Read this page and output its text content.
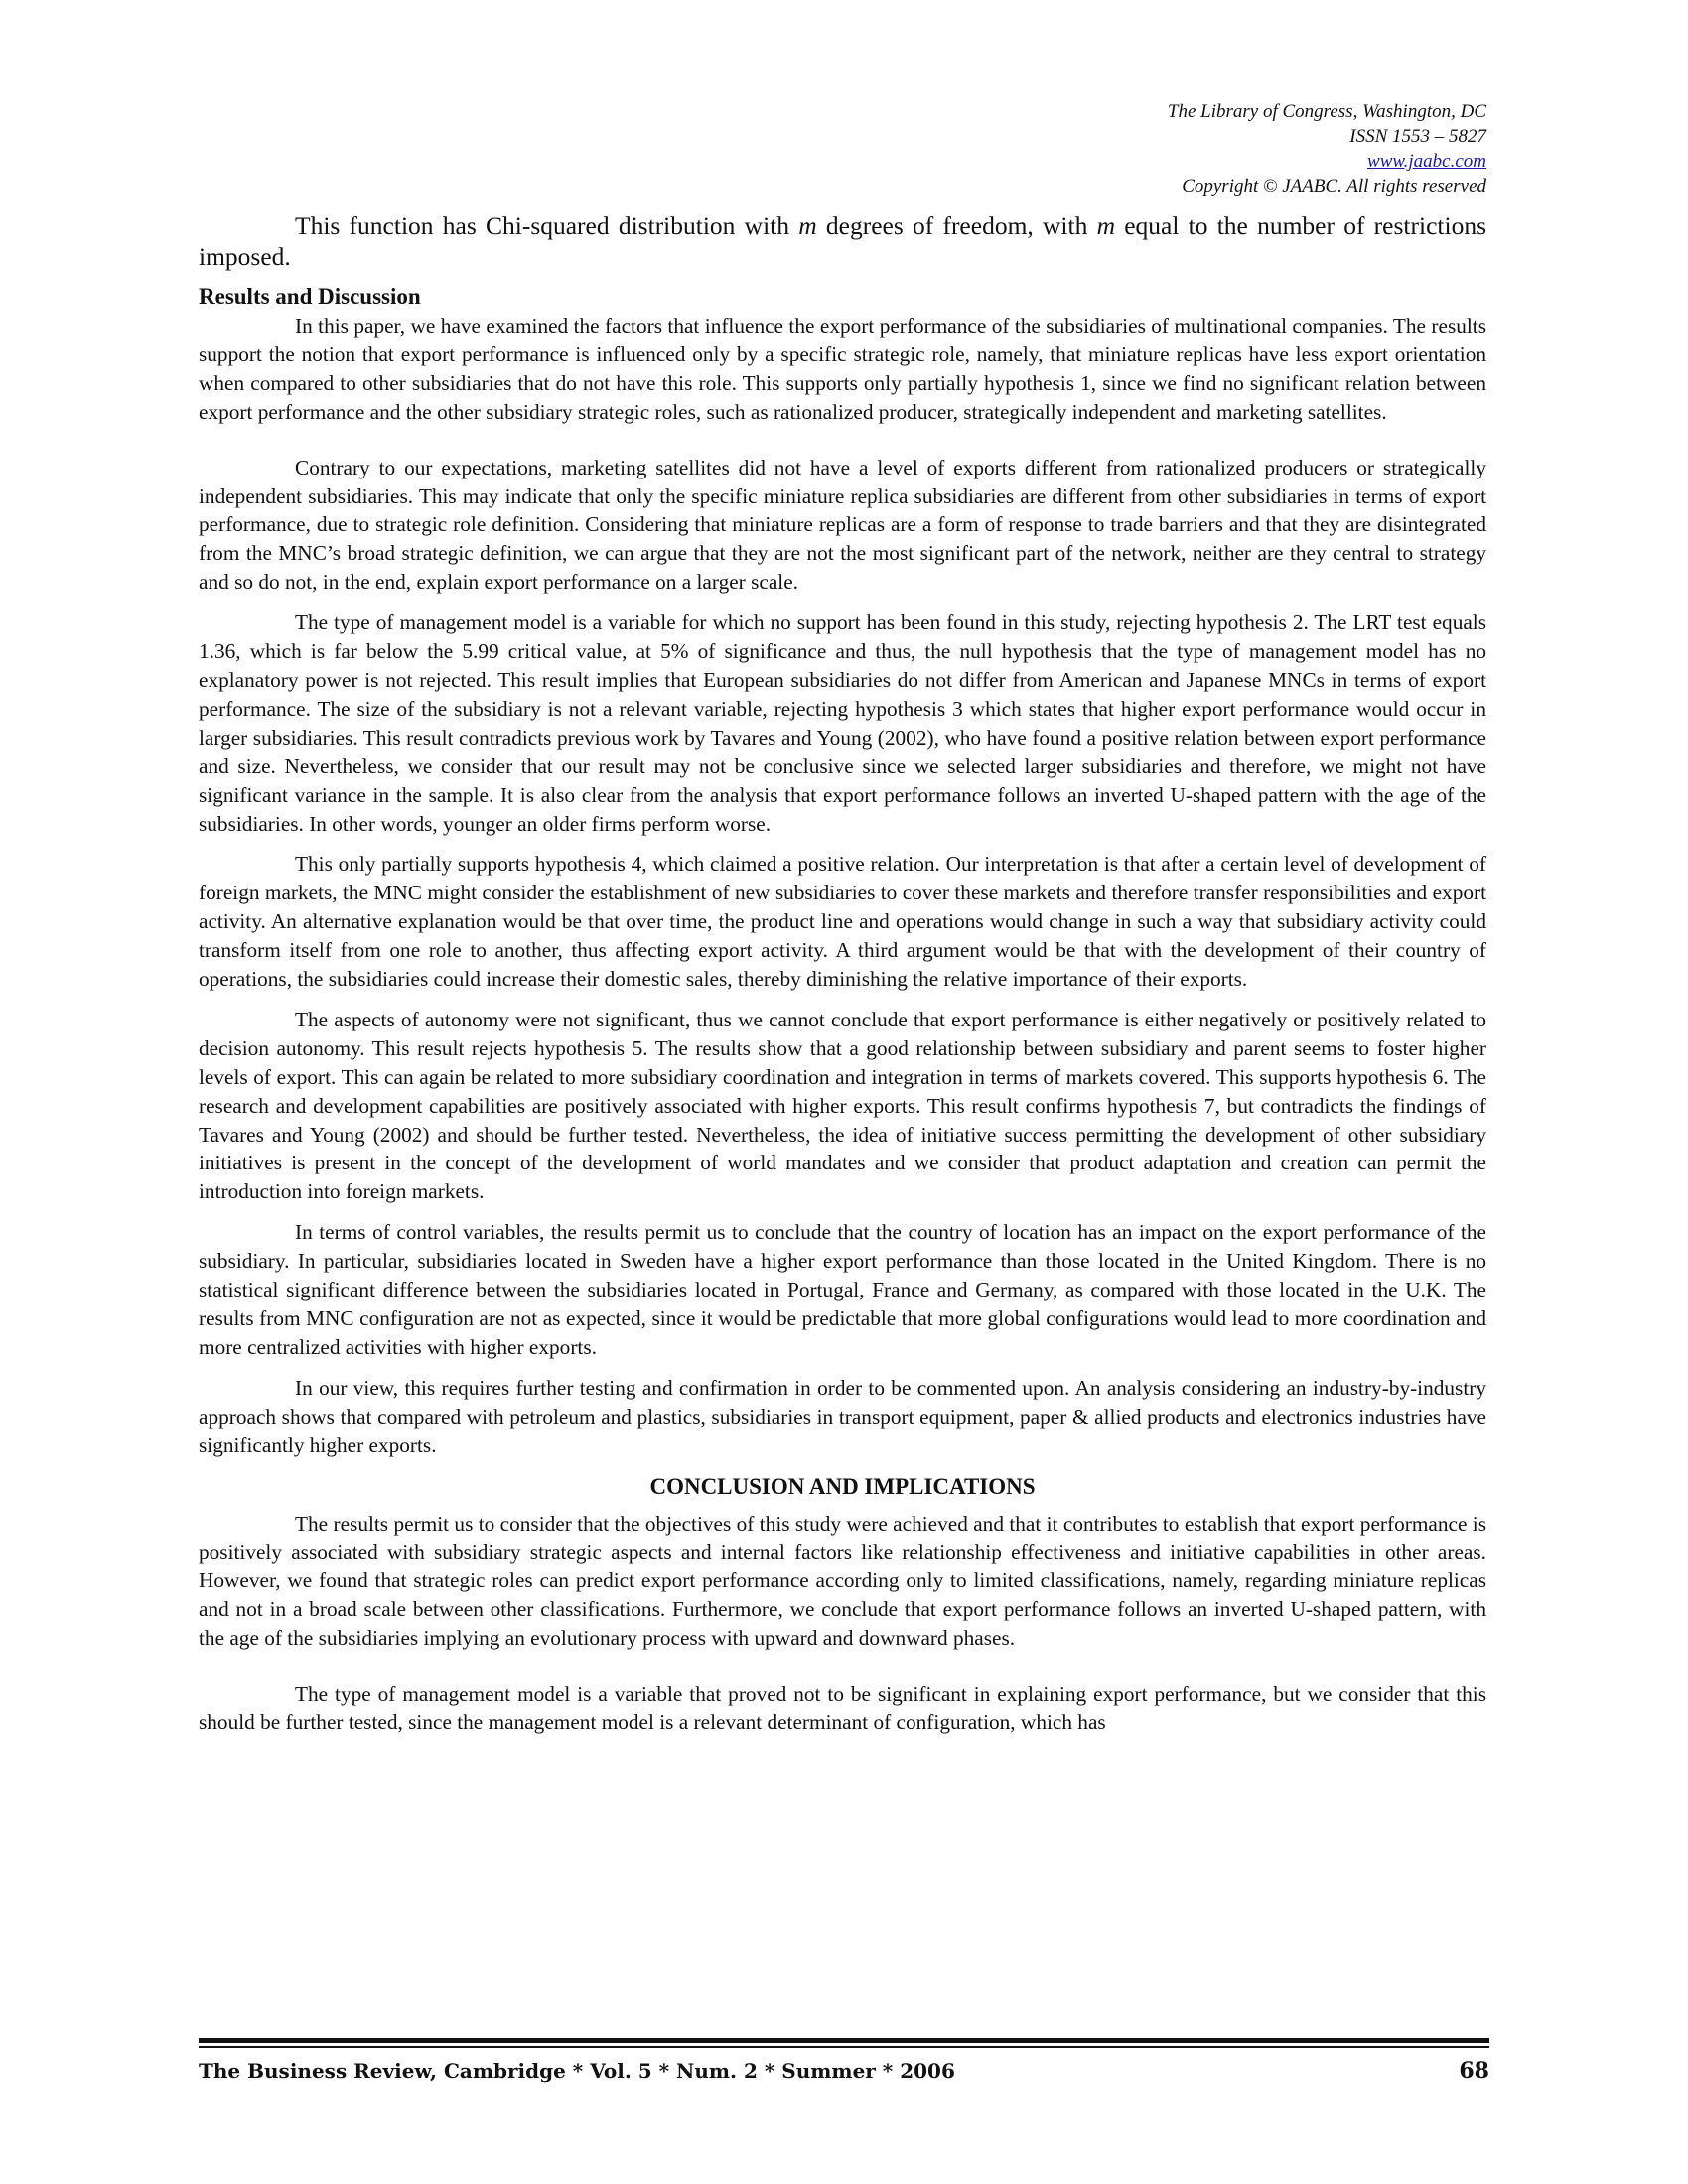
The Library of Congress, Washington, DC
ISSN 1553 – 5827
www.jaabc.com
Copyright © JAABC. All rights reserved

This function has Chi-squared distribution with m degrees of freedom, with m equal to the number of restrictions imposed.

Results and Discussion

In this paper, we have examined the factors that influence the export performance of the subsidiaries of multinational companies. The results support the notion that export performance is influenced only by a specific strategic role, namely, that miniature replicas have less export orientation when compared to other subsidiaries that do not have this role. This supports only partially hypothesis 1, since we find no significant relation between export performance and the other subsidiary strategic roles, such as rationalized producer, strategically independent and marketing satellites.

Contrary to our expectations, marketing satellites did not have a level of exports different from rationalized producers or strategically independent subsidiaries. This may indicate that only the specific miniature replica subsidiaries are different from other subsidiaries in terms of export performance, due to strategic role definition. Considering that miniature replicas are a form of response to trade barriers and that they are disintegrated from the MNC’s broad strategic definition, we can argue that they are not the most significant part of the network, neither are they central to strategy and so do not, in the end, explain export performance on a larger scale.

The type of management model is a variable for which no support has been found in this study, rejecting hypothesis 2. The LRT test equals 1.36, which is far below the 5.99 critical value, at 5% of significance and thus, the null hypothesis that the type of management model has no explanatory power is not rejected. This result implies that European subsidiaries do not differ from American and Japanese MNCs in terms of export performance. The size of the subsidiary is not a relevant variable, rejecting hypothesis 3 which states that higher export performance would occur in larger subsidiaries. This result contradicts previous work by Tavares and Young (2002), who have found a positive relation between export performance and size. Nevertheless, we consider that our result may not be conclusive since we selected larger subsidiaries and therefore, we might not have significant variance in the sample. It is also clear from the analysis that export performance follows an inverted U-shaped pattern with the age of the subsidiaries. In other words, younger an older firms perform worse.

This only partially supports hypothesis 4, which claimed a positive relation. Our interpretation is that after a certain level of development of foreign markets, the MNC might consider the establishment of new subsidiaries to cover these markets and therefore transfer responsibilities and export activity. An alternative explanation would be that over time, the product line and operations would change in such a way that subsidiary activity could transform itself from one role to another, thus affecting export activity. A third argument would be that with the development of their country of operations, the subsidiaries could increase their domestic sales, thereby diminishing the relative importance of their exports.

The aspects of autonomy were not significant, thus we cannot conclude that export performance is either negatively or positively related to decision autonomy. This result rejects hypothesis 5. The results show that a good relationship between subsidiary and parent seems to foster higher levels of export. This can again be related to more subsidiary coordination and integration in terms of markets covered. This supports hypothesis 6. The research and development capabilities are positively associated with higher exports. This result confirms hypothesis 7, but contradicts the findings of Tavares and Young (2002) and should be further tested. Nevertheless, the idea of initiative success permitting the development of other subsidiary initiatives is present in the concept of the development of world mandates and we consider that product adaptation and creation can permit the introduction into foreign markets.

In terms of control variables, the results permit us to conclude that the country of location has an impact on the export performance of the subsidiary. In particular, subsidiaries located in Sweden have a higher export performance than those located in the United Kingdom. There is no statistical significant difference between the subsidiaries located in Portugal, France and Germany, as compared with those located in the U.K. The results from MNC configuration are not as expected, since it would be predictable that more global configurations would lead to more coordination and more centralized activities with higher exports.

In our view, this requires further testing and confirmation in order to be commented upon. An analysis considering an industry-by-industry approach shows that compared with petroleum and plastics, subsidiaries in transport equipment, paper & allied products and electronics industries have significantly higher exports.

CONCLUSION AND IMPLICATIONS

The results permit us to consider that the objectives of this study were achieved and that it contributes to establish that export performance is positively associated with subsidiary strategic aspects and internal factors like relationship effectiveness and initiative capabilities in other areas. However, we found that strategic roles can predict export performance according only to limited classifications, namely, regarding miniature replicas and not in a broad scale between other classifications. Furthermore, we conclude that export performance follows an inverted U-shaped pattern, with the age of the subsidiaries implying an evolutionary process with upward and downward phases.

The type of management model is a variable that proved not to be significant in explaining export performance, but we consider that this should be further tested, since the management model is a relevant determinant of configuration, which has

The Business Review, Cambridge * Vol. 5 * Num. 2 * Summer * 2006	68
